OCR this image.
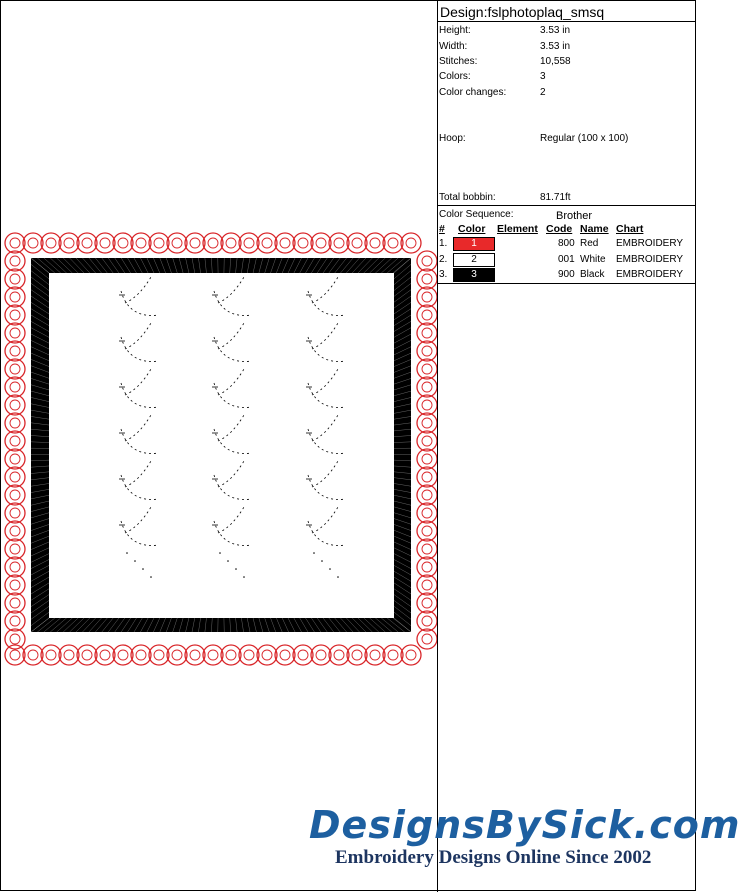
Design:fslphotoplaq_smsq
Height:	3.53 in
Width:	3.53 in
Stitches:	10,558
Colors:	3
Color changes:	2
Hoop:	Regular (100 x 100)
Total bobbin:	81.71ft
Color Sequence:	Brother
# Color Element Code Name Chart
1.	1	800 Red EMBROIDERY
2.	2	001 White EMBROIDERY
3.	3	900 Black EMBROIDERY
DesignsBySick.com
Embroidery Designs Online Since 2002
